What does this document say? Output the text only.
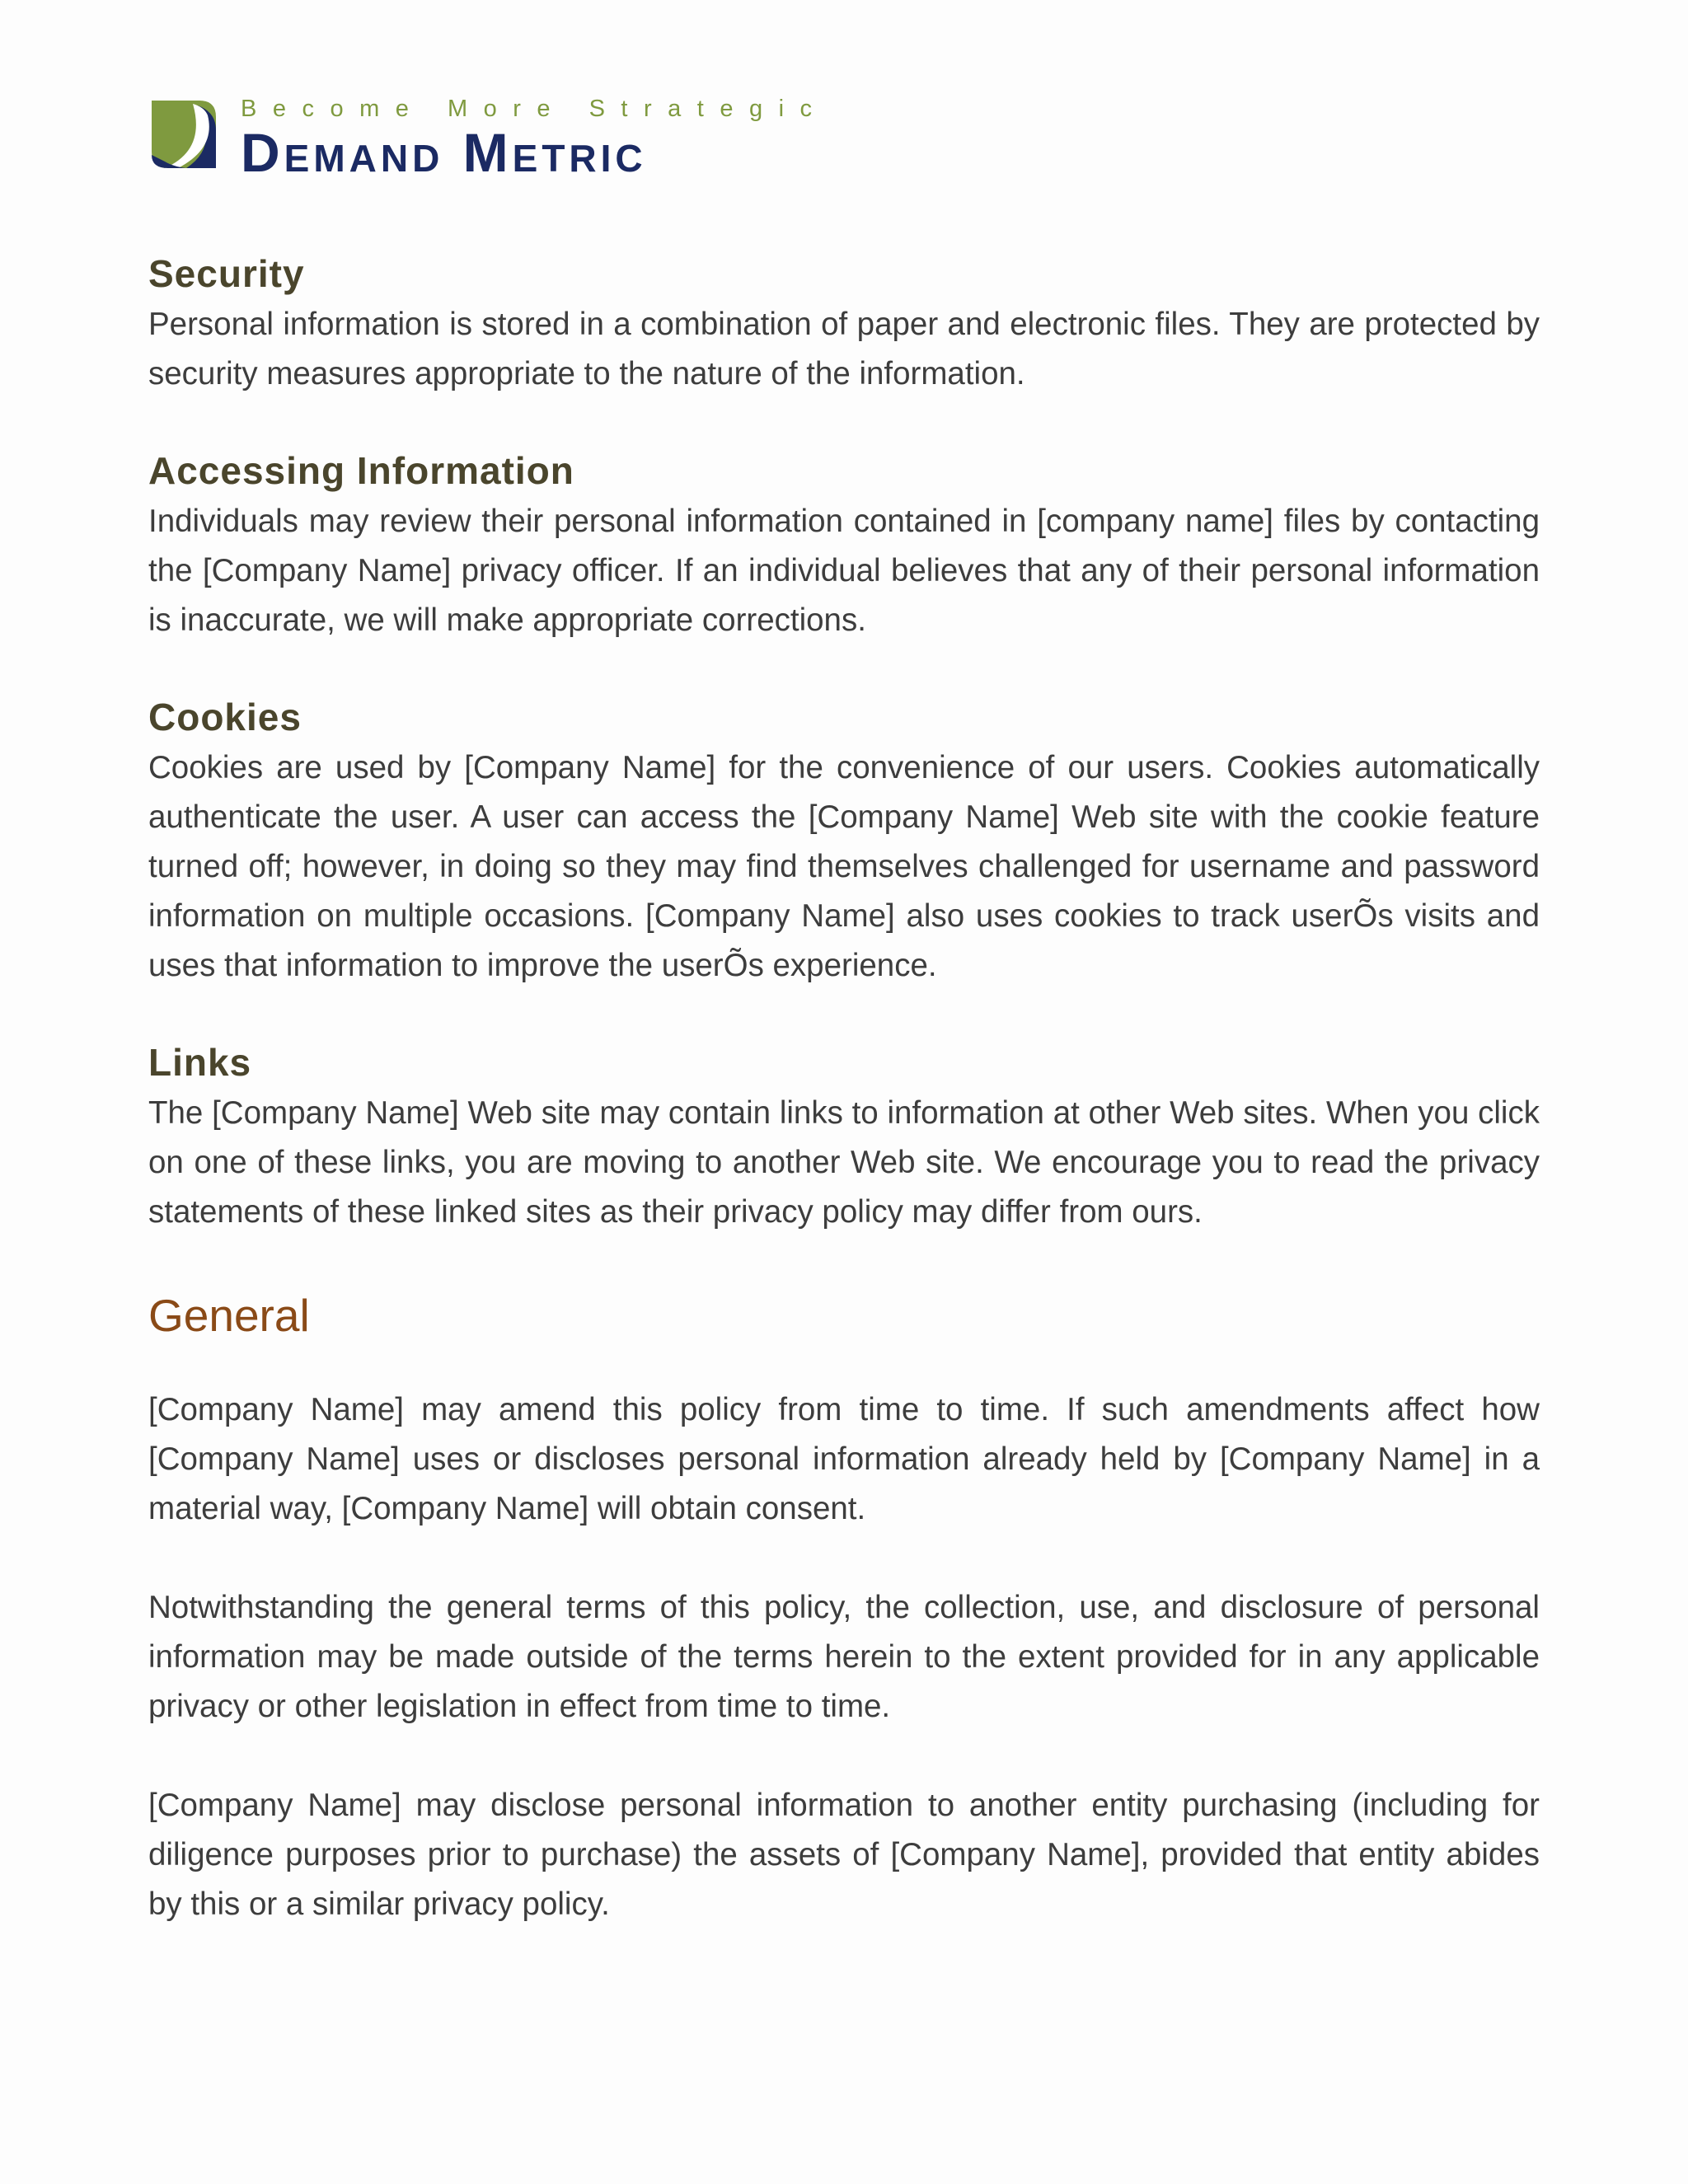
Become More Strategic
Demand Metric
Security

Personal information is stored in a combination of paper and electronic files. They are protected by security measures appropriate to the nature of the information.

Accessing Information

Individuals may review their personal information contained in [company name] files by contacting the [Company Name] privacy officer. If an individual believes that any of their personal information is inaccurate, we will make appropriate corrections.

Cookies

Cookies are used by [Company Name] for the convenience of our users. Cookies automatically authenticate the user. A user can access the [Company Name] Web site with the cookie feature turned off; however, in doing so they may find themselves challenged for username and password information on multiple occasions. [Company Name] also uses cookies to track userÕs visits and uses that information to improve the userÕs experience.

Links

The [Company Name] Web site may contain links to information at other Web sites. When you click on one of these links, you are moving to another Web site. We encourage you to read the privacy statements of these linked sites as their privacy policy may differ from ours.

General

[Company Name] may amend this policy from time to time. If such amendments affect how [Company Name] uses or discloses personal information already held by [Company Name] in a material way, [Company Name] will obtain consent.

Notwithstanding the general terms of this policy, the collection, use, and disclosure of personal information may be made outside of the terms herein to the extent provided for in any applicable privacy or other legislation in effect from time to time.

[Company Name] may disclose personal information to another entity purchasing (including for diligence purposes prior to purchase) the assets of [Company Name], provided that entity abides by this or a similar privacy policy.
